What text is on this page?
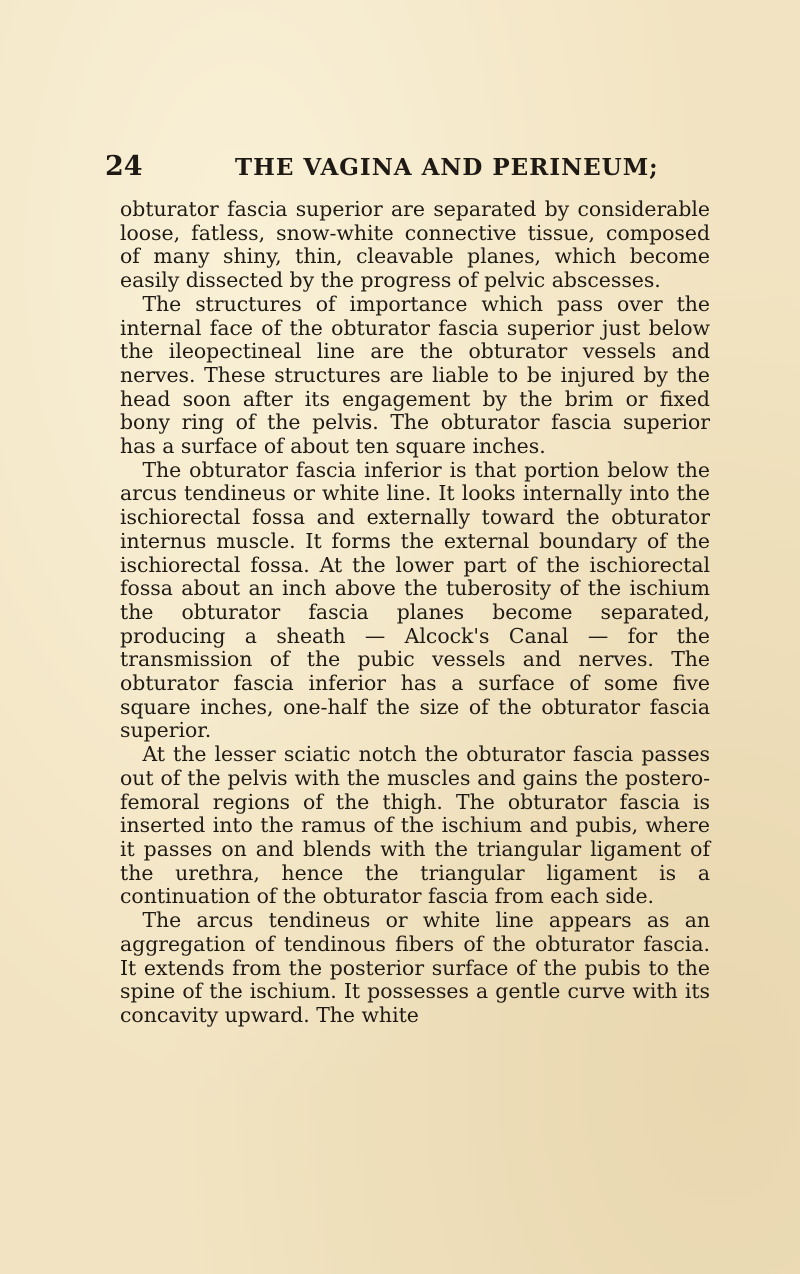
24	THE VAGINA AND PERINEUM;

obturator fascia superior are separated by considerable loose, fatless, snow-white connective tissue, composed of many shiny, thin, cleavable planes, which become easily dissected by the progress of pelvic abscesses.

The structures of importance which pass over the internal face of the obturator fascia superior just below the ileopectineal line are the obturator vessels and nerves. These structures are liable to be injured by the head soon after its engagement by the brim or fixed bony ring of the pelvis. The obturator fascia superior has a surface of about ten square inches.

The obturator fascia inferior is that portion below the arcus tendineus or white line. It looks internally into the ischiorectal fossa and externally toward the obturator internus muscle. It forms the external boundary of the ischiorectal fossa. At the lower part of the ischiorectal fossa about an inch above the tuberosity of the ischium the obturator fascia planes become separated, producing a sheath — Alcock's Canal — for the transmission of the pubic vessels and nerves. The obturator fascia inferior has a surface of some five square inches, one-half the size of the obturator fascia superior.

At the lesser sciatic notch the obturator fascia passes out of the pelvis with the muscles and gains the postero-femoral regions of the thigh. The obturator fascia is inserted into the ramus of the ischium and pubis, where it passes on and blends with the triangular ligament of the urethra, hence the triangular ligament is a continuation of the obturator fascia from each side.

The arcus tendineus or white line appears as an aggregation of tendinous fibers of the obturator fascia. It extends from the posterior surface of the pubis to the spine of the ischium. It possesses a gentle curve with its concavity upward. The white
